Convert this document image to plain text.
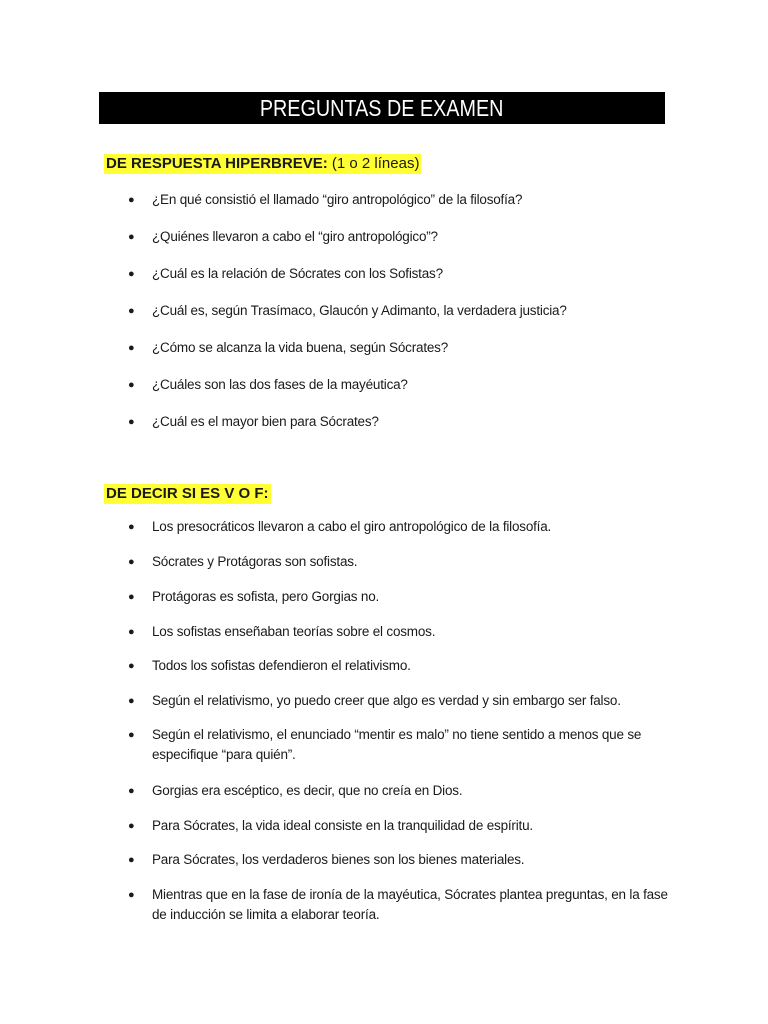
PREGUNTAS DE EXAMEN
DE RESPUESTA HIPERBREVE: (1 o 2 líneas)
●	¿En qué consistió el llamado “giro antropológico” de la filosofía?
●	¿Quiénes llevaron a cabo el “giro antropológico”?
●	¿Cuál es la relación de Sócrates con los Sofistas?
●	¿Cuál es, según Trasímaco, Glaucón y Adimanto, la verdadera justicia?
●	¿Cómo se alcanza la vida buena, según Sócrates?
●	¿Cuáles son las dos fases de la mayéutica?
●	¿Cuál es el mayor bien para Sócrates?
DE DECIR SI ES V O F:
●	Los presocráticos llevaron a cabo el giro antropológico de la filosofía.
●	Sócrates y Protágoras son sofistas.
●	Protágoras es sofista, pero Gorgias no.
●	Los sofistas enseñaban teorías sobre el cosmos.
●	Todos los sofistas defendieron el relativismo.
●	Según el relativismo, yo puedo creer que algo es verdad y sin embargo ser falso.
●	Según el relativismo, el enunciado “mentir es malo” no tiene sentido a menos que se especifique “para quién”.
●	Gorgias era escéptico, es decir, que no creía en Dios.
●	Para Sócrates, la vida ideal consiste en la tranquilidad de espíritu.
●	Para Sócrates, los verdaderos bienes son los bienes materiales.
●	Mientras que en la fase de ironía de la mayéutica, Sócrates plantea preguntas, en la fase de inducción se limita a elaborar teoría.
